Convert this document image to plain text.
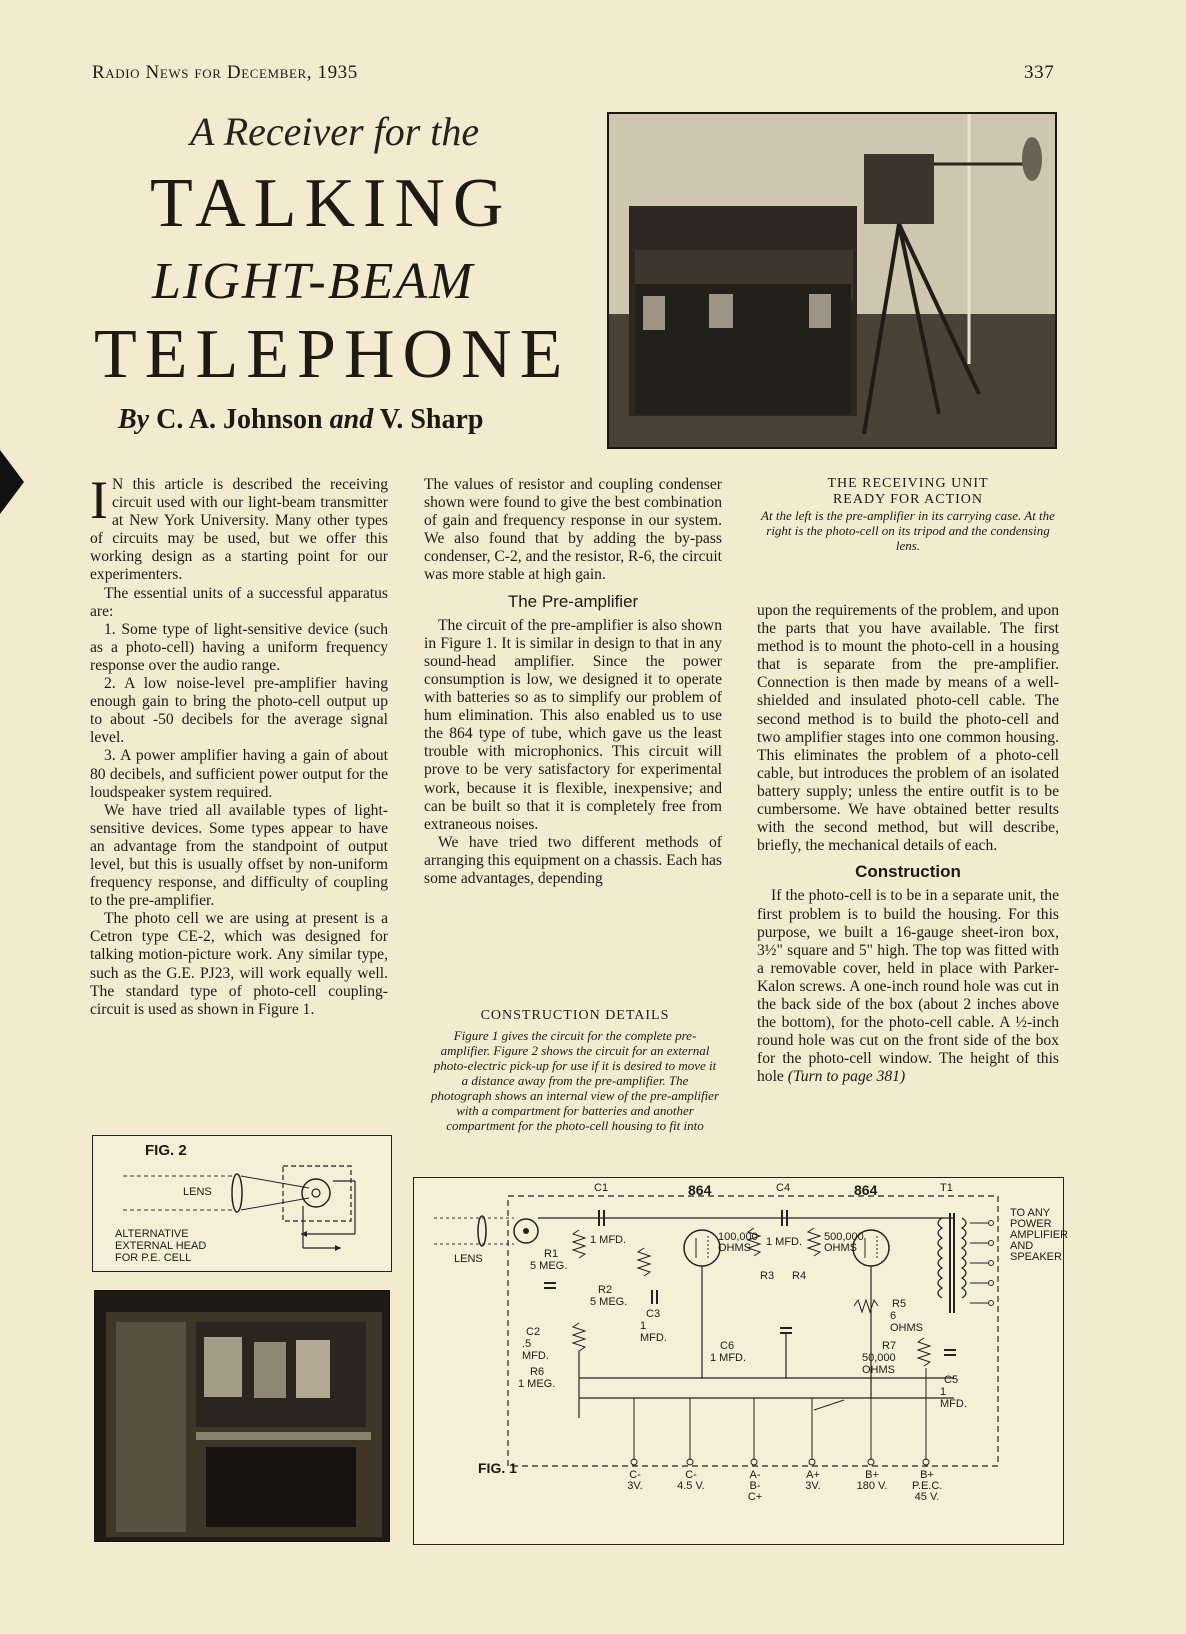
Radio News for December, 1935	337
A Receiver for the
TALKING
LIGHT-BEAM
TELEPHONE
By C. A. Johnson and V. Sharp
THE RECEIVING UNIT
READY FOR ACTION
At the left is the pre-amplifier in its carrying case. At the right is the photo-cell on its tripod and the condensing lens.

I N this article is described the receiving circuit used with our light-beam transmitter at New York University. Many other types of circuits may be used, but we offer this working design as a starting point for our experimenters.

The essential units of a successful apparatus are:

1. Some type of light-sensitive device (such as a photo-cell) having a uniform frequency response over the audio range.

2. A low noise-level pre-amplifier having enough gain to bring the photo-cell output up to about -50 decibels for the average signal level.

3. A power amplifier having a gain of about 80 decibels, and sufficient power output for the loudspeaker system required.

We have tried all available types of light-sensitive devices. Some types appear to have an advantage from the standpoint of output level, but this is usually offset by non-uniform frequency response, and difficulty of coupling to the pre-amplifier.

The photo cell we are using at present is a Cetron type CE-2, which was designed for talking motion-picture work. Any similar type, such as the G.E. PJ23, will work equally well. The standard type of photo-cell coupling-circuit is used as shown in Figure 1.

The values of resistor and coupling condenser shown were found to give the best combination of gain and frequency response in our system. We also found that by adding the by-pass condenser, C-2, and the resistor, R-6, the circuit was more stable at high gain.

The Pre-amplifier

The circuit of the pre-amplifier is also shown in Figure 1. It is similar in design to that in any sound-head amplifier. Since the power consumption is low, we designed it to operate with batteries so as to simplify our problem of hum elimination. This also enabled us to use the 864 type of tube, which gave us the least trouble with microphonics. This circuit will prove to be very satisfactory for experimental work, because it is flexible, inexpensive; and can be built so that it is completely free from extraneous noises.

We have tried two different methods of arranging this equipment on a chassis. Each has some advantages, depending

CONSTRUCTION DETAILS
Figure 1 gives the circuit for the complete pre-amplifier. Figure 2 shows the circuit for an external photo-electric pick-up for use if it is desired to move it a distance away from the pre-amplifier. The photograph shows an internal view of the pre-amplifier with a compartment for batteries and another compartment for the photo-cell housing to fit into

upon the requirements of the problem, and upon the parts that you have available. The first method is to mount the photo-cell in a housing that is separate from the pre-amplifier. Connection is then made by means of a well-shielded and insulated photo-cell cable. The second method is to build the photo-cell and two amplifier stages into one common housing. This eliminates the problem of a photo-cell cable, but introduces the problem of an isolated battery supply; unless the entire outfit is to be cumbersome. We have obtained better results with the second method, but will describe, briefly, the mechanical details of each.

Construction

If the photo-cell is to be in a separate unit, the first problem is to build the housing. For this purpose, we built a 16-gauge sheet-iron box, 3½" square and 5" high. The top was fitted with a removable cover, held in place with Parker-Kalon screws. A one-inch round hole was cut in the back side of the box (about 2 inches above the bottom), for the photo-cell cable. A ½-inch round hole was cut on the front side of the box for the photo-cell window. The height of this hole (Turn to page 381)

FIG. 2
LENS
ALTERNATIVE
EXTERNAL HEAD
FOR P.E. CELL	LENS
864	864
C1
1 MFD.
C4
1 MFD.
T1
R1
5 MEG.
R2
5 MEG.
100,000 OHMS
500,000 OHMS
R3 R4
R5
6 OHMS
R7
50,000 OHMS
C2
.5 MFD.
C3
1 MFD.
C5
1 MFD.
C6
1 MFD.
R6
1 MEG.
TO ANY POWER AMPLIFIER AND SPEAKER
FIG. 1	C-
3V.
C-
4.5 V.
A-
B-
C+
A+
3V.
B+
180 V.
B+
P.E.C.
45 V.
